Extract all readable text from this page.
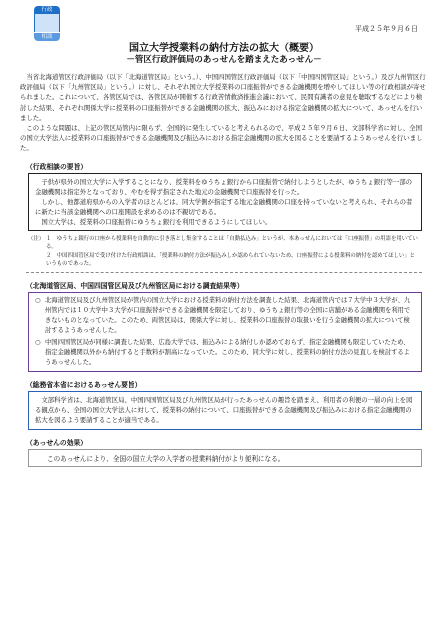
行政
相談
平成２５年９月６日
国立大学授業料の納付方法の拡大（概要）
－管区行政評価局のあっせんを踏まえたあっせん－

当省北海道管区行政評価局（以下「北海道管区局」という。）、中国四国管区行政評価局（以下「中国四国管区局」という。）及び九州管区行政評価局（以下「九州管区局」という。）に対し、それぞれ国立大学授業料の口座振替ができる金融機関を増やしてほしい等の行政相談が寄せられました。これについて、各管区局では、各管区局が開催する行政苦情救済推進会議において、民間有識者の意見を聴取するなどにより検討した結果、それぞれ関係大学に授業料の口座振替ができる金融機関の拡大、振込みにおける指定金融機関の拡大について、あっせんを行いました。

このような問題は、上記の管区局管内に限らず、全国的に発生していると考えられるので、平成２５年９月６日、文部科学省に対し、全国の国立大学法人に授業料の口座振替ができる金融機関及び振込みにおける指定金融機関の拡大を図ることを要請するようあっせんを行いました。

（行政相談の要旨）

子供が県外の国立大学に入学することになり、授業料をゆうちょ銀行から口座振替で納付しようとしたが、ゆうちょ銀行等一部の金融機関は指定外となっており、やむを得ず指定された地元の金融機関で口座振替を行った。

しかし、他都道府県からの入学者のほとんどは、同大学側が指定する地元金融機関の口座を持っていないと考えられ、それらの者に新たに当該金融機関への口座開設を求めるのは不親切である。

国立大学は、授業料の口座振替にゆうちょ銀行を利用できるようにしてほしい。

（注） １　ゆうちょ銀行の口座から授業料を自動的に引き落とし集金することは「自動払込み」というが、本あっせんにおいては「口座振替」の用語を用いている。
２　中国四国管区局で受け付けた行政相談は、「授業料の納付方法が振込みしか認められていないため、口座振替による授業料の納付を認めてほしい」というものであった。
（北海道管区局、中国四国管区局及び九州管区局における調査結果等）
○ 北海道管区局及び九州管区局が管内の国立大学における授業料の納付方法を調査した結果、北海道管内では７大学中３大学が、九州管内では１０大学中３大学が口座振替ができる金融機関を限定しており、ゆうちょ銀行等の全国に店舗がある金融機関を利用できないものとなっていた。このため、両管区局は、関係大学に対し、授業料の口座振替の取扱いを行う金融機関の拡大について検討するようあっせんした。
○ 中国四国管区局が同様に調査した結果、広島大学では、振込みによる納付しか認めておらず、指定金融機関も限定していたため、指定金融機関以外から納付すると手数料が割高になっていた。このため、同大学に対し、授業料の納付方法の見直しを検討するようあっせんした。
（総務省本省におけるあっせん要旨）

文部科学省は、北海道管区局、中国四国管区局及び九州管区局が行ったあっせんの趣旨を踏まえ、利用者の利便の一層の向上を図る観点から、全国の国立大学法人に対して、授業料の納付について、口座振替ができる金融機関及び振込みにおける指定金融機関の拡大を図るよう要請することが適当である。

（あっせんの効果）
このあっせんにより、全国の国立大学の入学者の授業料納付がより便利になる。
